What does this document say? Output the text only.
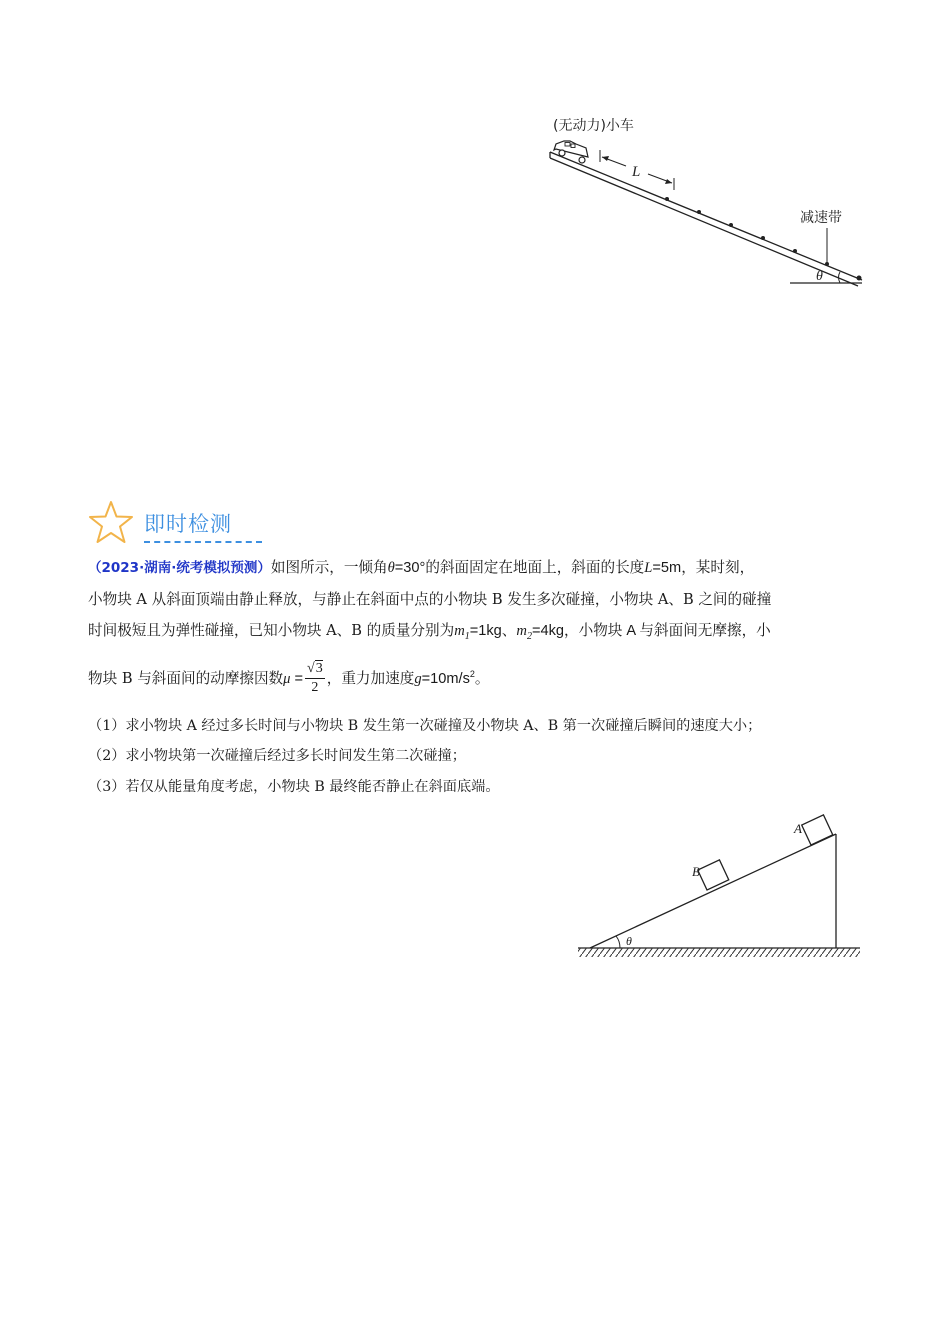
(无动力)小车
L
减速带
θ
即时检测
（2023·湖南·统考模拟预测）如图所示，一倾角θ=30°的斜面固定在地面上，斜面的长度L=5m，某时刻，
小物块 A 从斜面顶端由静止释放，与静止在斜面中点的小物块 B 发生多次碰撞，小物块 A、B 之间的碰撞
时间极短且为弹性碰撞，已知小物块 A、B 的质量分别为$m_1=1kg$、$m_2=4kg$，小物块 A 与斜面间无摩擦，小
物块 B 与斜面间的动摩擦因数$\mu = \frac{√3}{2}$ ，重力加速度$g=10m/s^2$。
（1）求小物块 A 经过多长时间与小物块 B 发生第一次碰撞及小物块 A、B 第一次碰撞后瞬间的速度大小；
（2）求小物块第一次碰撞后经过多长时间发生第二次碰撞；
（3）若仅从能量角度考虑，小物块 B 最终能否静止在斜面底端。
B
A
θ
